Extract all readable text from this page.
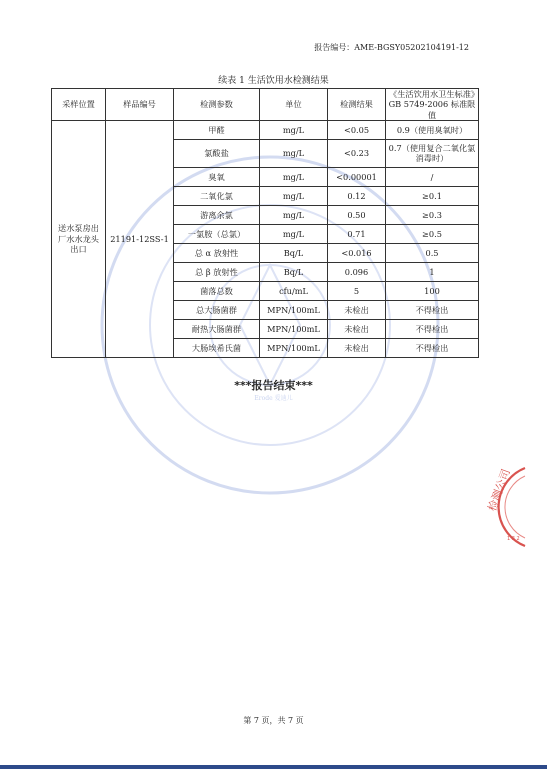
报告编号：AME-BGSY05202104191-12
续表 1 生活饮用水检测结果
采样位置	样品编号	检测参数	单位	检测结果	《生活饮用水卫生标准》GB 5749-2006 标准限值
送水泵房出厂水水龙头出口	21191-12SS-1	甲醛	mg/L	<0.05	0.9（使用臭氧时）
		氯酸盐	mg/L	<0.23	0.7（使用复合二氧化氯消毒时）
		臭氧	mg/L	<0.00001	/
		二氧化氯	mg/L	0.12	≥0.1
		游离余氯	mg/L	0.50	≥0.3
		一氯胺（总氯）	mg/L	0.71	≥0.5
		总 α 放射性	Bq/L	<0.016	0.5
		总 β 放射性	Bq/L	0.096	1
		菌落总数	cfu/mL	5	100
		总大肠菌群	MPN/100mL	未检出	不得检出
		耐热大肠菌群	MPN/100mL	未检出	不得检出
		大肠埃希氏菌	MPN/100mL	未检出	不得检出
***报告结束***
Erode 爱迪儿
检测公司
1 3 2
第 7 页，共 7 页
